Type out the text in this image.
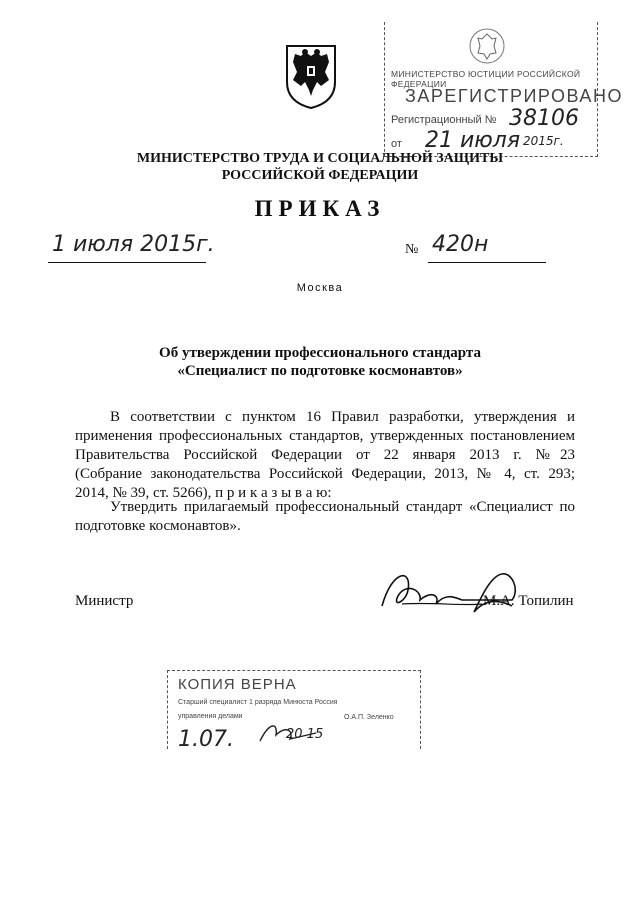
МИНИСТЕРСТВО ЮСТИЦИИ РОССИЙСКОЙ ФЕДЕРАЦИИ
ЗАРЕГИСТРИРОВАНО
Регистрационный № 38106
от 21 июля 2015г.
МИНИСТЕРСТВО ТРУДА И СОЦИАЛЬНОЙ ЗАЩИТЫ
РОССИЙСКОЙ ФЕДЕРАЦИИ
ПРИКАЗ
1 июля 2015г.	№ 420н
Москва
Об утверждении профессионального стандарта
«Специалист по подготовке космонавтов»
В соответствии с пунктом 16 Правил разработки, утверждения и
применения профессиональных стандартов, утвержденных постановлением
Правительства Российской Федерации от 22 января 2013 г. №23
(Собрание законодательства Российской Федерации, 2013, № 4, ст. 293;
2014, № 39, ст. 5266), п р и к а з ы в а ю:
Утвердить прилагаемый профессиональный стандарт «Специалист по
подготовке космонавтов».
Министр	М.А. Топилин
КОПИЯ ВЕРНА
Старший специалист 1 разряда Минюста Россия
управления делами	О.А.П. Зеленко
1.07.	20 15
